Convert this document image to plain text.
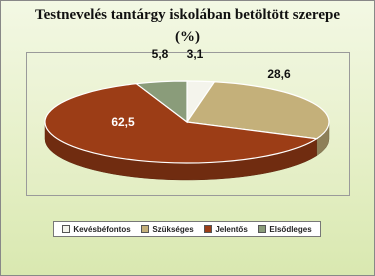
Testnevelés tantárgy iskolában betöltött szerepe
(%)
3,1
28,6
62,5
5,8
Kevésbéfontos	Szükséges	Jelentős	Elsődleges
